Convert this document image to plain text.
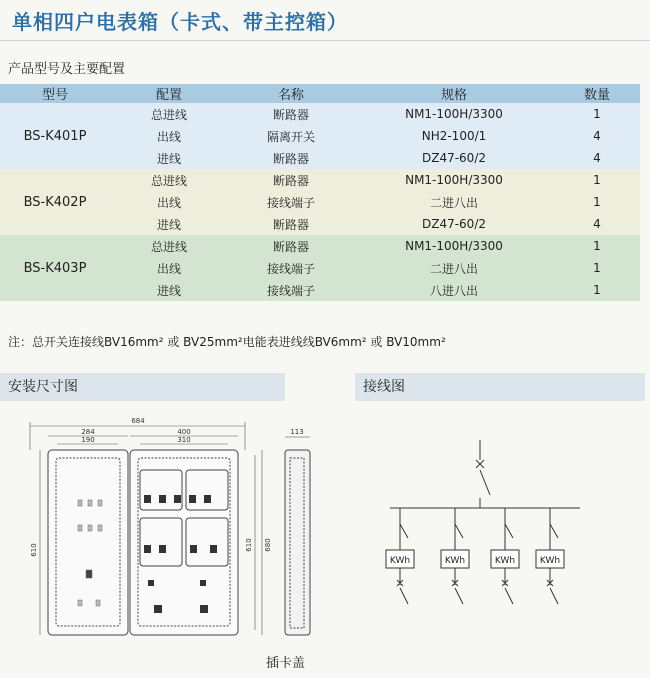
单相四户电表箱（卡式、带主控箱）
产品型号及主要配置
型号	配置	名称	规格	数量
BS-K401P	总进线	断路器	NM1-100H/3300	1
	出线	隔离开关	NH2-100/1	4
	进线	断路器	DZ47-60/2	4
BS-K402P	总进线	断路器	NM1-100H/3300	1
	出线	接线端子	二进八出	1
	进线	断路器	DZ47-60/2	4
BS-K403P	总进线	断路器	NM1-100H/3300	1
	出线	接线端子	二进八出	1
	进线	接线端子	八进八出	1
注：总开关连接线BV16mm² 或 BV25mm²电能表进线线BV6mm² 或 BV10mm²
安装尺寸图	接线图
684
284
190
400
310
610	610 680
113
KWh	KWh	KWh	KWh
插卡盖
